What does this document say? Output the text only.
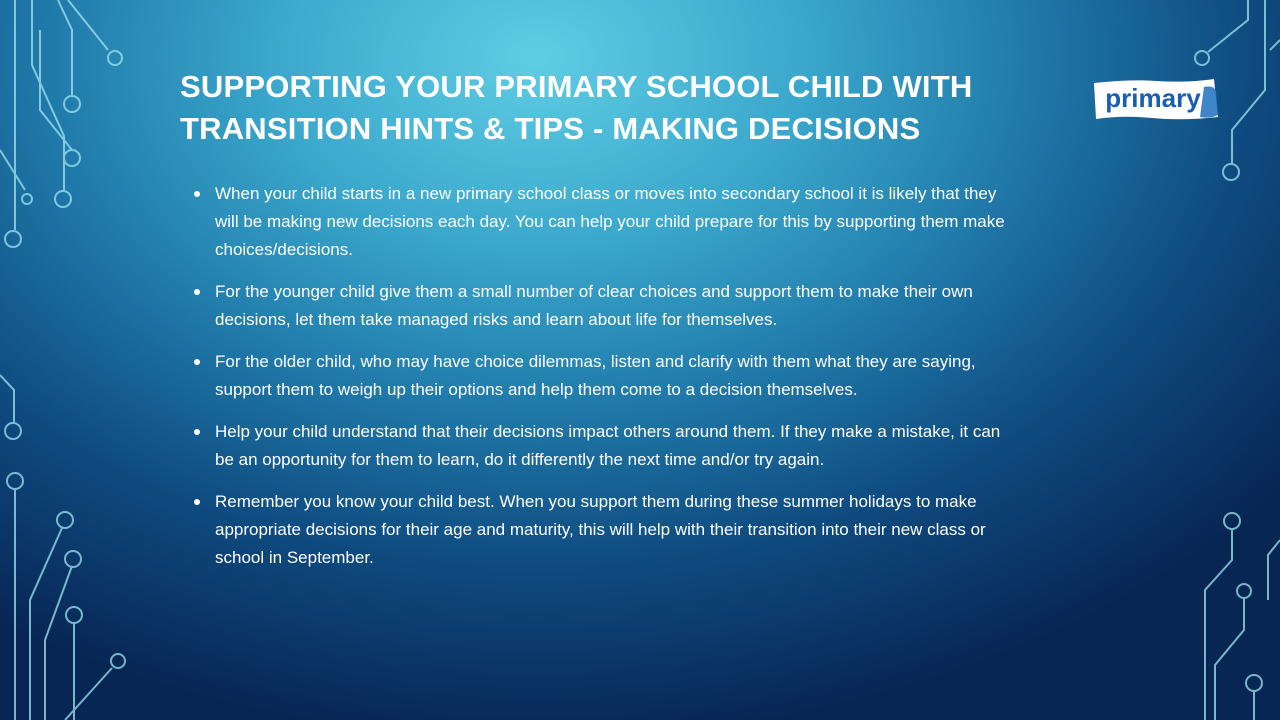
SUPPORTING YOUR PRIMARY SCHOOL CHILD WITH TRANSITION HINTS & TIPS - MAKING DECISIONS
primary
When your child starts in a new primary school class or moves into secondary school it is likely that they will be making new decisions each day. You can help your child prepare for this by supporting them make choices/decisions.
For the younger child give them a small number of clear choices and support them to make their own decisions, let them take managed risks and learn about life for themselves.
For the older child, who may have choice dilemmas, listen and clarify with them what they are saying, support them to weigh up their options and help them come to a decision themselves.
Help your child understand that their decisions impact others around them. If they make a mistake, it can be an opportunity for them to learn, do it differently the next time and/or try again.
Remember you know your child best. When you support them during these summer holidays to make appropriate decisions for their age and maturity, this will help with their transition into their new class or school in September.
